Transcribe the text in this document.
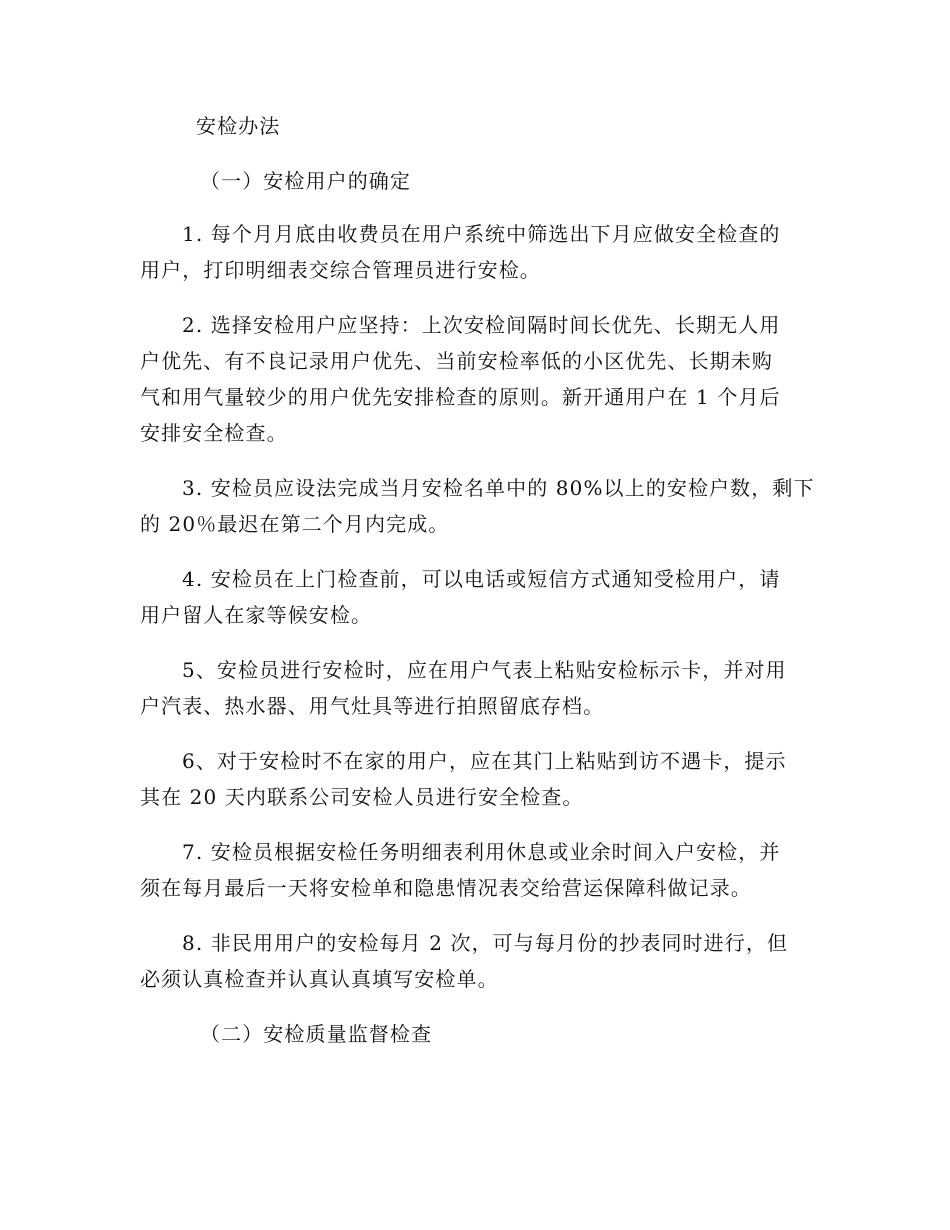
安检办法

（一）安检用户的确定

1. 每个月月底由收费员在用户系统中筛选出下月应做安全检查的

用户，打印明细表交综合管理员进行安检。

2. 选择安检用户应坚持：上次安检间隔时间长优先、长期无人用

户优先、有不良记录用户优先、当前安检率低的小区优先、长期未购

气和用气量较少的用户优先安排检查的原则。新开通用户在 1 个月后

安排安全检查。

3. 安检员应设法完成当月安检名单中的 80%以上的安检户数，剩下

的 20％最迟在第二个月内完成。

4. 安检员在上门检查前，可以电话或短信方式通知受检用户，请

用户留人在家等候安检。

5、安检员进行安检时，应在用户气表上粘贴安检标示卡，并对用

户汽表、热水器、用气灶具等进行拍照留底存档。

6、对于安检时不在家的用户，应在其门上粘贴到访不遇卡，提示

其在 20 天内联系公司安检人员进行安全检查。

7. 安检员根据安检任务明细表利用休息或业余时间入户安检，并

须在每月最后一天将安检单和隐患情况表交给营运保障科做记录。

8. 非民用用户的安检每月 2 次，可与每月份的抄表同时进行，但

必须认真检查并认真认真填写安检单。

（二）安检质量监督检查
